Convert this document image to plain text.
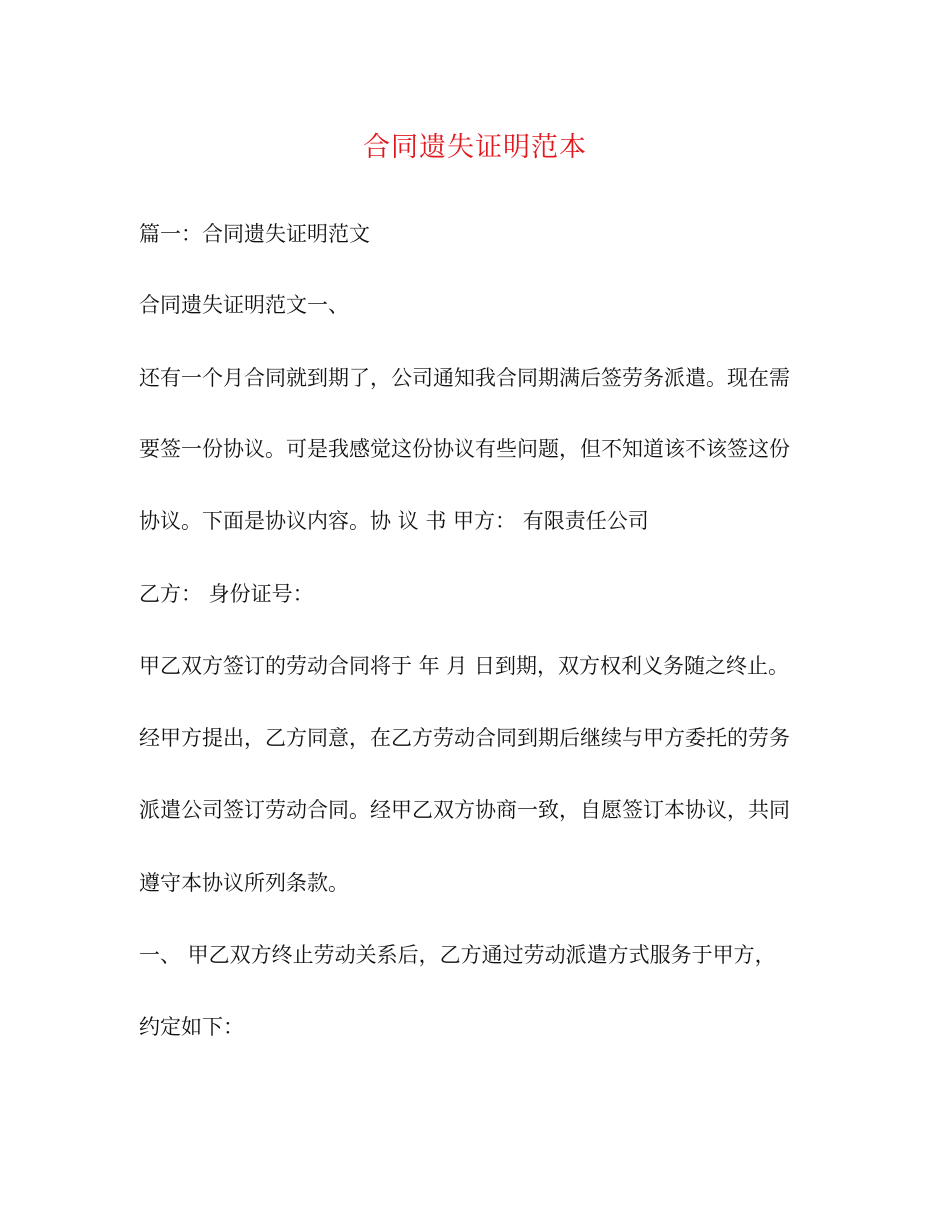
合同遗失证明范本
篇一：合同遗失证明范文
合同遗失证明范文一、
还有一个月合同就到期了，公司通知我合同期满后签劳务派遣。现在需
要签一份协议。可是我感觉这份协议有些问题，但不知道该不该签这份
协议。下面是协议内容。协 议 书 甲方： 有限责任公司
乙方： 身份证号：
甲乙双方签订的劳动合同将于 年 月 日到期，双方权利义务随之终止。
经甲方提出，乙方同意，在乙方劳动合同到期后继续与甲方委托的劳务
派遣公司签订劳动合同。经甲乙双方协商一致，自愿签订本协议，共同
遵守本协议所列条款。
一、 甲乙双方终止劳动关系后，乙方通过劳动派遣方式服务于甲方，
约定如下：
